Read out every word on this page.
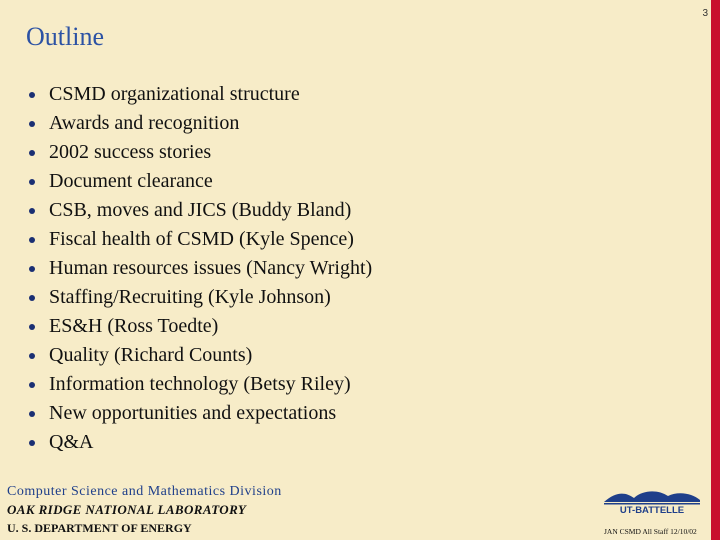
3
Outline
CSMD organizational structure
Awards and recognition
2002 success stories
Document clearance
CSB, moves and JICS (Buddy Bland)
Fiscal health of CSMD (Kyle Spence)
Human resources issues (Nancy Wright)
Staffing/Recruiting (Kyle Johnson)
ES&H (Ross Toedte)
Quality (Richard Counts)
Information technology (Betsy Riley)
New opportunities and expectations
Q&A
Computer Science and Mathematics Division
OAK RIDGE NATIONAL LABORATORY
U. S. DEPARTMENT OF ENERGY
UT-BATTELLE
JAN CSMD All Staff 12/10/02
